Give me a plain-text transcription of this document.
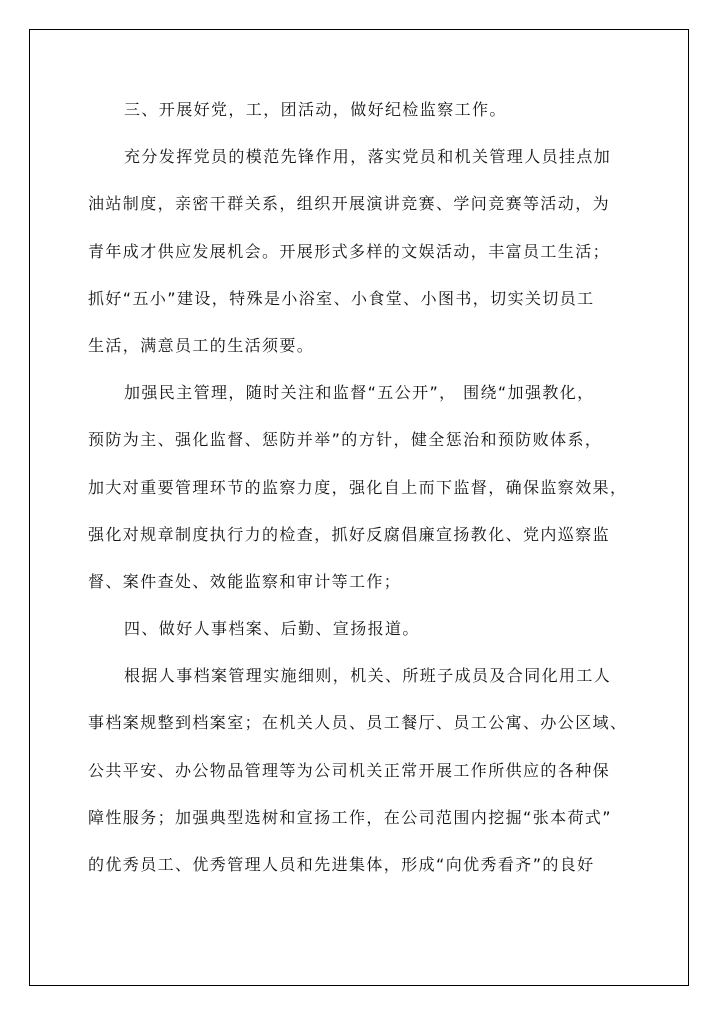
三、开展好党，工，团活动，做好纪检监察工作。
充分发挥党员的模范先锋作用，落实党员和机关管理人员挂点加
油站制度，亲密干群关系，组织开展演讲竞赛、学问竞赛等活动，为
青年成才供应发展机会。开展形式多样的文娱活动，丰富员工生活；
抓好“五小”建设，特殊是小浴室、小食堂、小图书，切实关切员工
生活，满意员工的生活须要。
加强民主管理，随时关注和监督“五公开”， 围绕“加强教化，
预防为主、强化监督、惩防并举”的方针，健全惩治和预防败体系，
加大对重要管理环节的监察力度，强化自上而下监督，确保监察效果，
强化对规章制度执行力的检查，抓好反腐倡廉宣扬教化、党内巡察监
督、案件查处、效能监察和审计等工作；
四、做好人事档案、后勤、宣扬报道。
根据人事档案管理实施细则，机关、所班子成员及合同化用工人
事档案规整到档案室；在机关人员、员工餐厅、员工公寓、办公区域、
公共平安、办公物品管理等为公司机关正常开展工作所供应的各种保
障性服务；加强典型选树和宣扬工作，在公司范围内挖掘“张本荷式”
的优秀员工、优秀管理人员和先进集体，形成“向优秀看齐”的良好
